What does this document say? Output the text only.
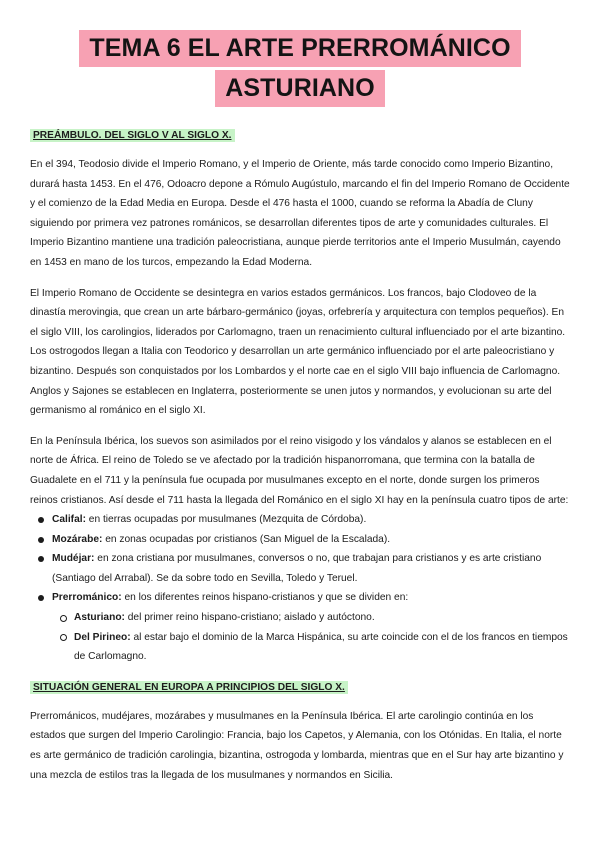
TEMA 6 EL ARTE PRERROMÁNICO
ASTURIANO
PREÁMBULO. DEL SIGLO V AL SIGLO X.

En el 394, Teodosio divide el Imperio Romano, y el Imperio de Oriente, más tarde conocido como Imperio Bizantino, durará hasta 1453. En el 476, Odoacro depone a Rómulo Augústulo, marcando el fin del Imperio Romano de Occidente y el comienzo de la Edad Media en Europa. Desde el 476 hasta el 1000, cuando se reforma la Abadía de Cluny siguiendo por primera vez patrones románicos, se desarrollan diferentes tipos de arte y comunidades culturales. El Imperio Bizantino mantiene una tradición paleocristiana, aunque pierde territorios ante el Imperio Musulmán, cayendo en 1453 en mano de los turcos, empezando la Edad Moderna.

El Imperio Romano de Occidente se desintegra en varios estados germánicos. Los francos, bajo Clodoveo de la dinastía merovingia, que crean un arte bárbaro-germánico (joyas, orfebrería y arquitectura con templos pequeños). En el siglo VIII, los carolingios, liderados por Carlomagno, traen un renacimiento cultural influenciado por el arte bizantino. Los ostrogodos llegan a Italia con Teodorico y desarrollan un arte germánico influenciado por el arte paleocristiano y bizantino. Después son conquistados por los Lombardos y el norte cae en el siglo VIII bajo influencia de Carlomagno. Anglos y Sajones se establecen en Inglaterra, posteriormente se unen jutos y normandos, y evolucionan su arte del germanismo al románico en el siglo XI.

En la Península Ibérica, los suevos son asimilados por el reino visigodo y los vándalos y alanos se establecen en el norte de África. El reino de Toledo se ve afectado por la tradición hispanorromana, que termina con la batalla de Guadalete en el 711 y la península fue ocupada por musulmanes excepto en el norte, donde surgen los primeros reinos cristianos. Así desde el 711 hasta la llegada del Románico en el siglo XI hay en la península cuatro tipos de arte:

Califal: en tierras ocupadas por musulmanes (Mezquita de Córdoba).
Mozárabe: en zonas ocupadas por cristianos (San Miguel de la Escalada).
Mudéjar: en zona cristiana por musulmanes, conversos o no, que trabajan para cristianos y es arte cristiano (Santiago del Arrabal). Se da sobre todo en Sevilla, Toledo y Teruel.
Prerrománico: en los diferentes reinos hispano-cristianos y que se dividen en:
Asturiano: del primer reino hispano-cristiano; aislado y autóctono.
Del Pirineo: al estar bajo el dominio de la Marca Hispánica, su arte coincide con el de los francos en tiempos de Carlomagno.
SITUACIÓN GENERAL EN EUROPA A PRINCIPIOS DEL SIGLO X.

Prerrománicos, mudéjares, mozárabes y musulmanes en la Península Ibérica. El arte carolingio continúa en los estados que surgen del Imperio Carolingio: Francia, bajo los Capetos, y Alemania, con los Otónidas. En Italia, el norte es arte germánico de tradición carolingia, bizantina, ostrogoda y lombarda, mientras que en el Sur hay arte bizantino y una mezcla de estilos tras la llegada de los musulmanes y normandos en Sicilia.
